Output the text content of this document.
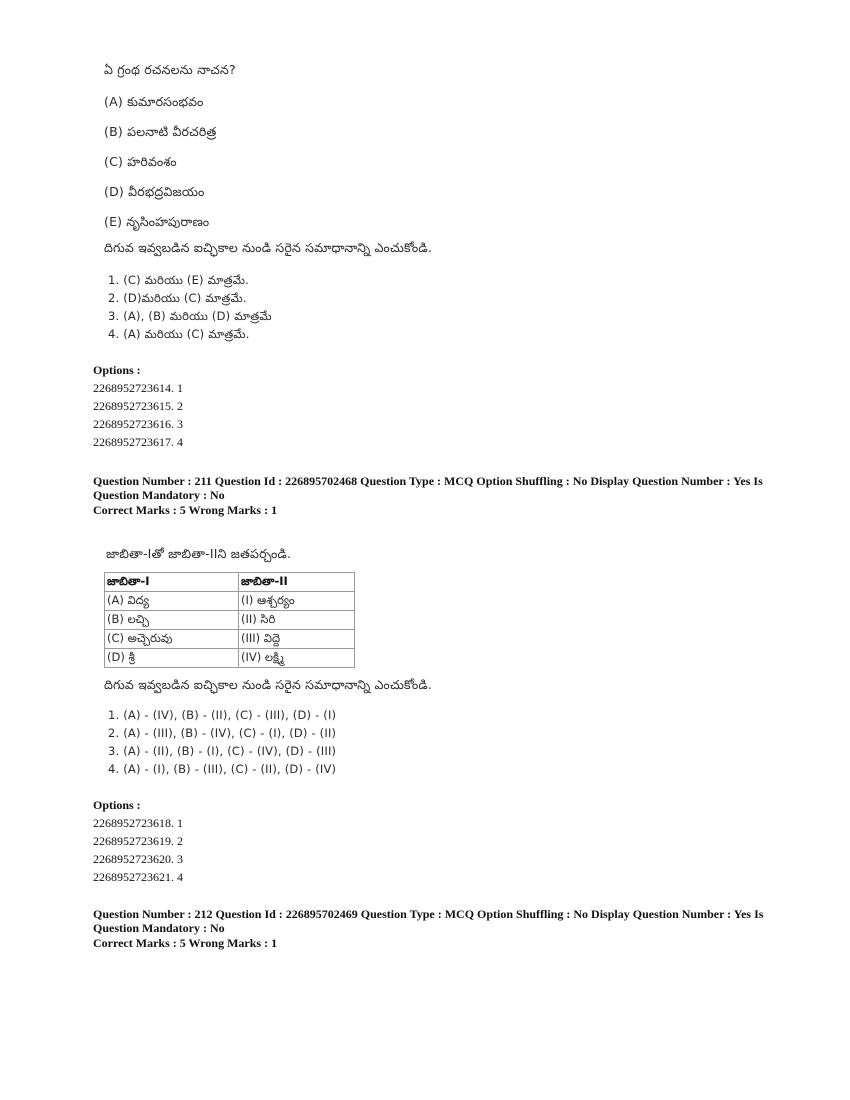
ఏ గ్రంథ రచనలను నాచన?
(A) కుమారసంభవం
(B) పలనాటి వీరచరిత్ర
(C) హరివంశం
(D) వీరభద్రవిజయం
(E) నృసింహపురాణం
దిగువ ఇవ్వబడిన ఐచ్ఛికాల నుండి సరైన సమాధానాన్ని ఎంచుకోండి.
1. (C) మరియు (E) మాత్రమే.
2. (D)మరియు (C) మాత్రమే.
3. (A), (B) మరియు (D) మాత్రమే
4. (A) మరియు (C) మాత్రమే.
Options :
2268952723614. 1
2268952723615. 2
2268952723616. 3
2268952723617. 4
Question Number : 211 Question Id : 226895702468 Question Type : MCQ Option Shuffling : No Display Question Number : Yes Is
Question Mandatory : No
Correct Marks : 5 Wrong Marks : 1
జాబితా-Iతో జాబితా-IIని జతపర్చండి.
జాబితా-I	జాబితా-II
(A) విద్య	(I) ఆశ్చర్యం
(B) లచ్చి	(II) సిరి
(C) అచ్చెరువు	(III) విద్దె
(D) శ్రీ	(IV) లక్ష్మి
దిగువ ఇవ్వబడిన ఐచ్ఛికాల నుండి సరైన సమాధానాన్ని ఎంచుకోండి.
1. (A) - (IV), (B) - (II), (C) - (III), (D) - (I)
2. (A) - (III), (B) - (IV), (C) - (I), (D) - (II)
3. (A) - (II), (B) - (I), (C) - (IV), (D) - (III)
4. (A) - (I), (B) - (III), (C) - (II), (D) - (IV)
Options :
2268952723618. 1
2268952723619. 2
2268952723620. 3
2268952723621. 4
Question Number : 212 Question Id : 226895702469 Question Type : MCQ Option Shuffling : No Display Question Number : Yes Is
Question Mandatory : No
Correct Marks : 5 Wrong Marks : 1
